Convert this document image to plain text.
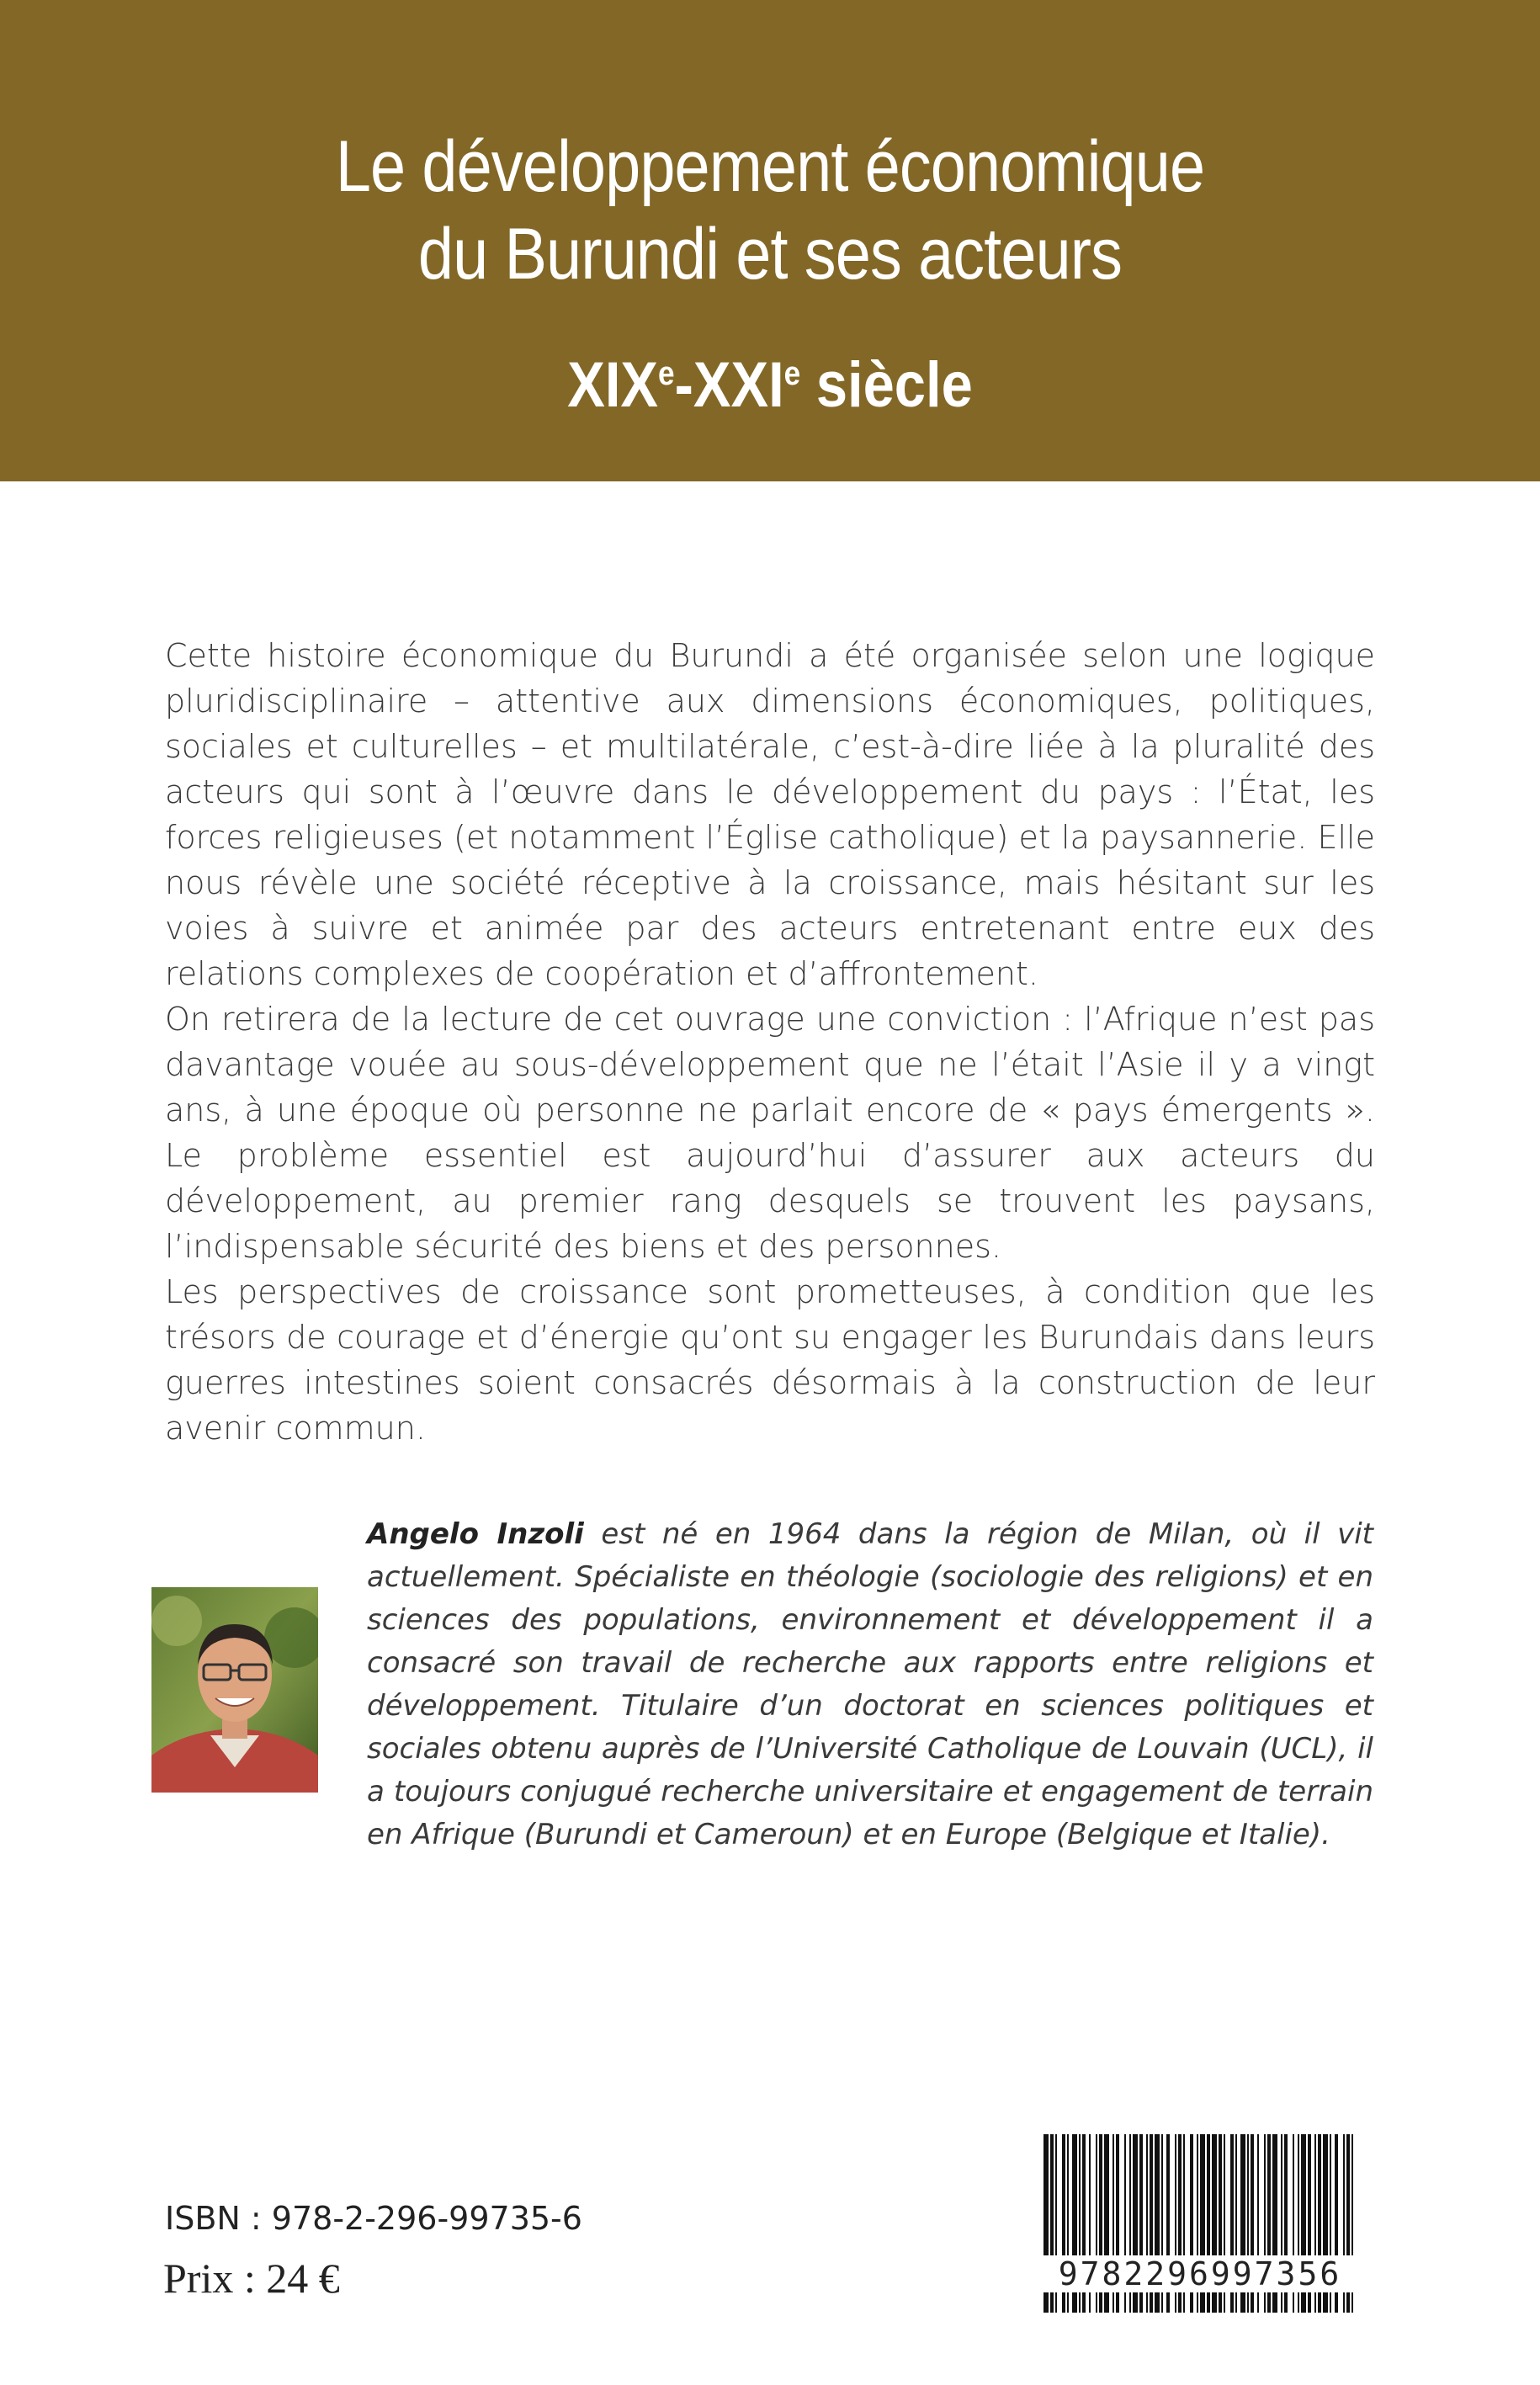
Le développement économique
du Burundi et ses acteurs
XIXe-XXIe siècle

Cette histoire économique du Burundi a été organisée selon une logique pluridisciplinaire – attentive aux dimensions économiques, politiques, sociales et culturelles – et multilatérale, c’est-à-dire liée à la pluralité des acteurs qui sont à l’œuvre dans le développement du pays : l’État, les forces religieuses (et notamment l’Église catholique) et la paysannerie. Elle nous révèle une société réceptive à la croissance, mais hésitant sur les voies à suivre et animée par des acteurs entretenant entre eux des relations complexes de coopération et d’affrontement.

On retirera de la lecture de cet ouvrage une conviction : l’Afrique n’est pas davantage vouée au sous-développement que ne l’était l’Asie il y a vingt ans, à une époque où personne ne parlait encore de « pays émergents ». Le problème essentiel est aujourd’hui d’assurer aux acteurs du développement, au premier rang desquels se trouvent les paysans, l’indispensable sécurité des biens et des personnes.

Les perspectives de croissance sont prometteuses, à condition que les trésors de courage et d’énergie qu’ont su engager les Burundais dans leurs guerres intestines soient consacrés désormais à la construction de leur avenir commun.

Angelo Inzoli est né en 1964 dans la région de Milan, où il vit actuellement. Spécialiste en théologie (sociologie des religions) et en sciences des populations, environnement et développement il a consacré son travail de recherche aux rapports entre religions et développement. Titulaire d’un doctorat en sciences politiques et sociales obtenu auprès de l’Université Catholique de Louvain (UCL), il a toujours conjugué recherche universitaire et engagement de terrain en Afrique (Burundi et Cameroun) et en Europe (Belgique et Italie).
ISBN : 978-2-296-99735-6
Prix : 24 €	9782296997356
